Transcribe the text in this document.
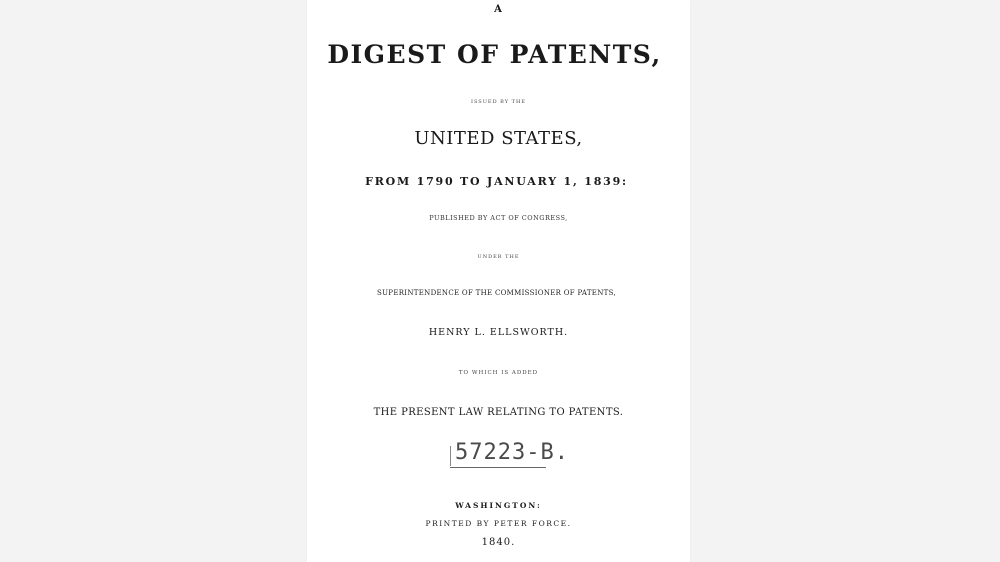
A
DIGEST OF PATENTS,
ISSUED BY THE
UNITED STATES,
FROM 1790 TO JANUARY 1, 1839:
PUBLISHED BY ACT OF CONGRESS,
UNDER THE
SUPERINTENDENCE OF THE COMMISSIONER OF PATENTS,
HENRY L. ELLSWORTH.
TO WHICH IS ADDED
THE PRESENT LAW RELATING TO PATENTS.
57223-B.
WASHINGTON:
PRINTED BY PETER FORCE.
1840.
